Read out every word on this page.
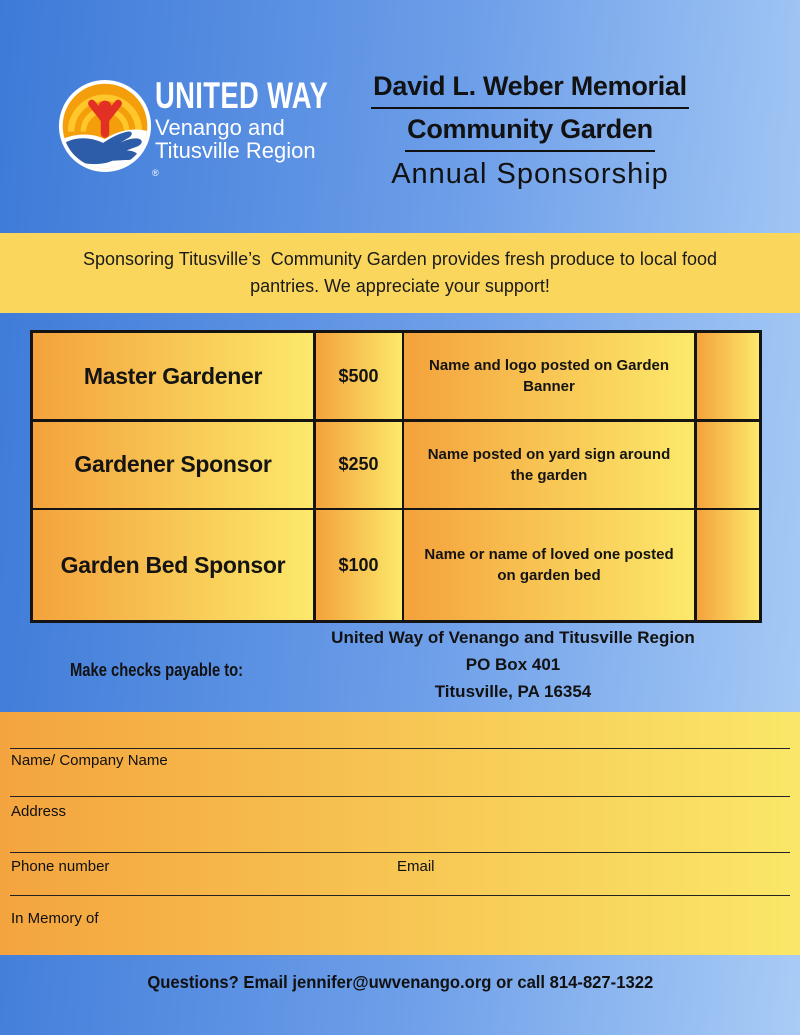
®
UNITED WAY
Venango and
Titusville Region
David L. Weber Memorial
Community Garden
Annual Sponsorship
Sponsoring Titusville’s  Community Garden provides fresh produce to local food
pantries. We appreciate your support!
Master Gardener	$500	Name and logo posted on Garden Banner
Gardener Sponsor	$250	Name posted on yard sign around the garden
Garden Bed Sponsor	$100	Name or name of loved one posted on garden bed
Make checks payable to:
United Way of Venango and Titusville Region
PO Box 401
Titusville, PA 16354
Name/ Company Name
Address
Phone number	Email
In Memory of
Questions? Email jennifer@uwvenango.org or call 814-827-1322
